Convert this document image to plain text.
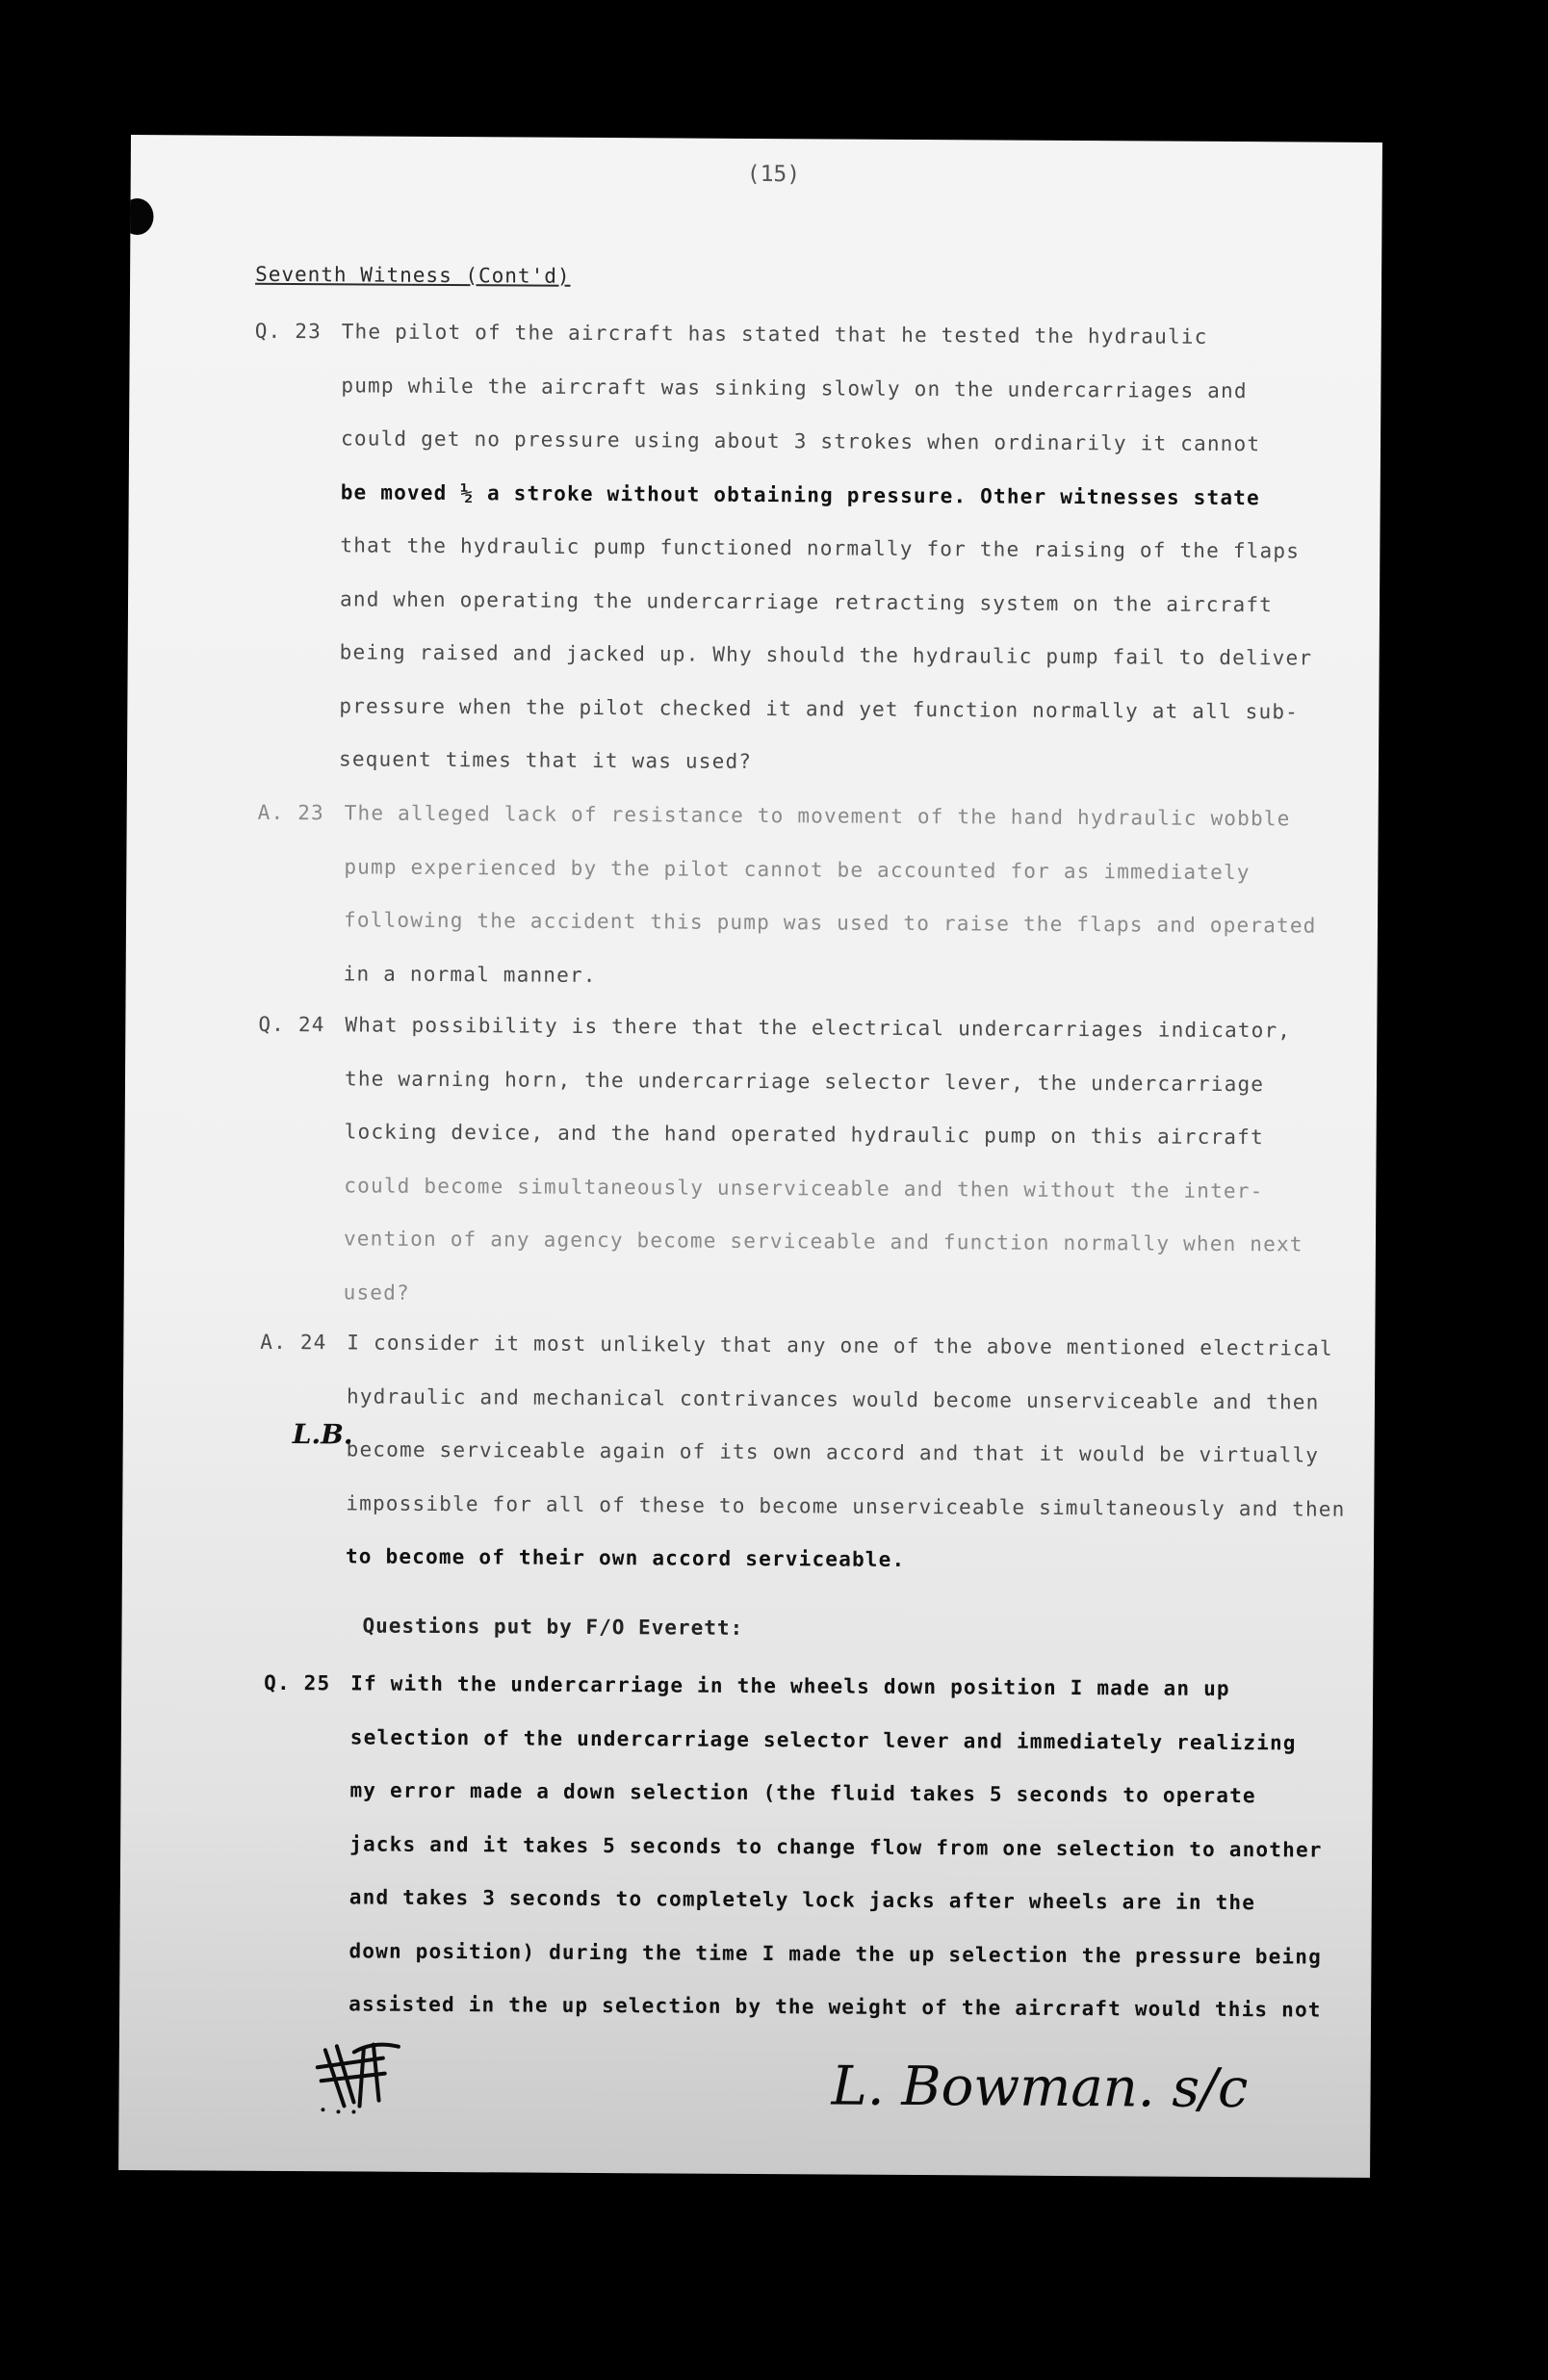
(15)
Seventh Witness (Cont'd)
Q. 23 The pilot of the aircraft has stated that he tested the hydraulic
pump while the aircraft was sinking slowly on the undercarriages and
could get no pressure using about 3 strokes when ordinarily it cannot
be moved ½ a stroke without obtaining pressure. Other witnesses state
that the hydraulic pump functioned normally for the raising of the flaps
and when operating the undercarriage retracting system on the aircraft
being raised and jacked up. Why should the hydraulic pump fail to deliver
pressure when the pilot checked it and yet function normally at all sub-
sequent times that it was used?
A. 23 The alleged lack of resistance to movement of the hand hydraulic wobble
pump experienced by the pilot cannot be accounted for as immediately
following the accident this pump was used to raise the flaps and operated
in a normal manner.
Q. 24 What possibility is there that the electrical undercarriages indicator,
the warning horn, the undercarriage selector lever, the undercarriage
locking device, and the hand operated hydraulic pump on this aircraft
could become simultaneously unserviceable and then without the inter-
vention of any agency become serviceable and function normally when next
used?
A. 24 I consider it most unlikely that any one of the above mentioned electrical
hydraulic and mechanical contrivances would become unserviceable and then
become serviceable again of its own accord and that it would be virtually
impossible for all of these to become unserviceable simultaneously and then
to become of their own accord serviceable.
L.B.
Questions put by F/O Everett:
Q. 25 If with the undercarriage in the wheels down position I made an up
selection of the undercarriage selector lever and immediately realizing
my error made a down selection (the fluid takes 5 seconds to operate
jacks and it takes 5 seconds to change flow from one selection to another
and takes 3 seconds to completely lock jacks after wheels are in the
down position) during the time I made the up selection the pressure being
assisted in the up selection by the weight of the aircraft would this not
L. Bowman. s/c
